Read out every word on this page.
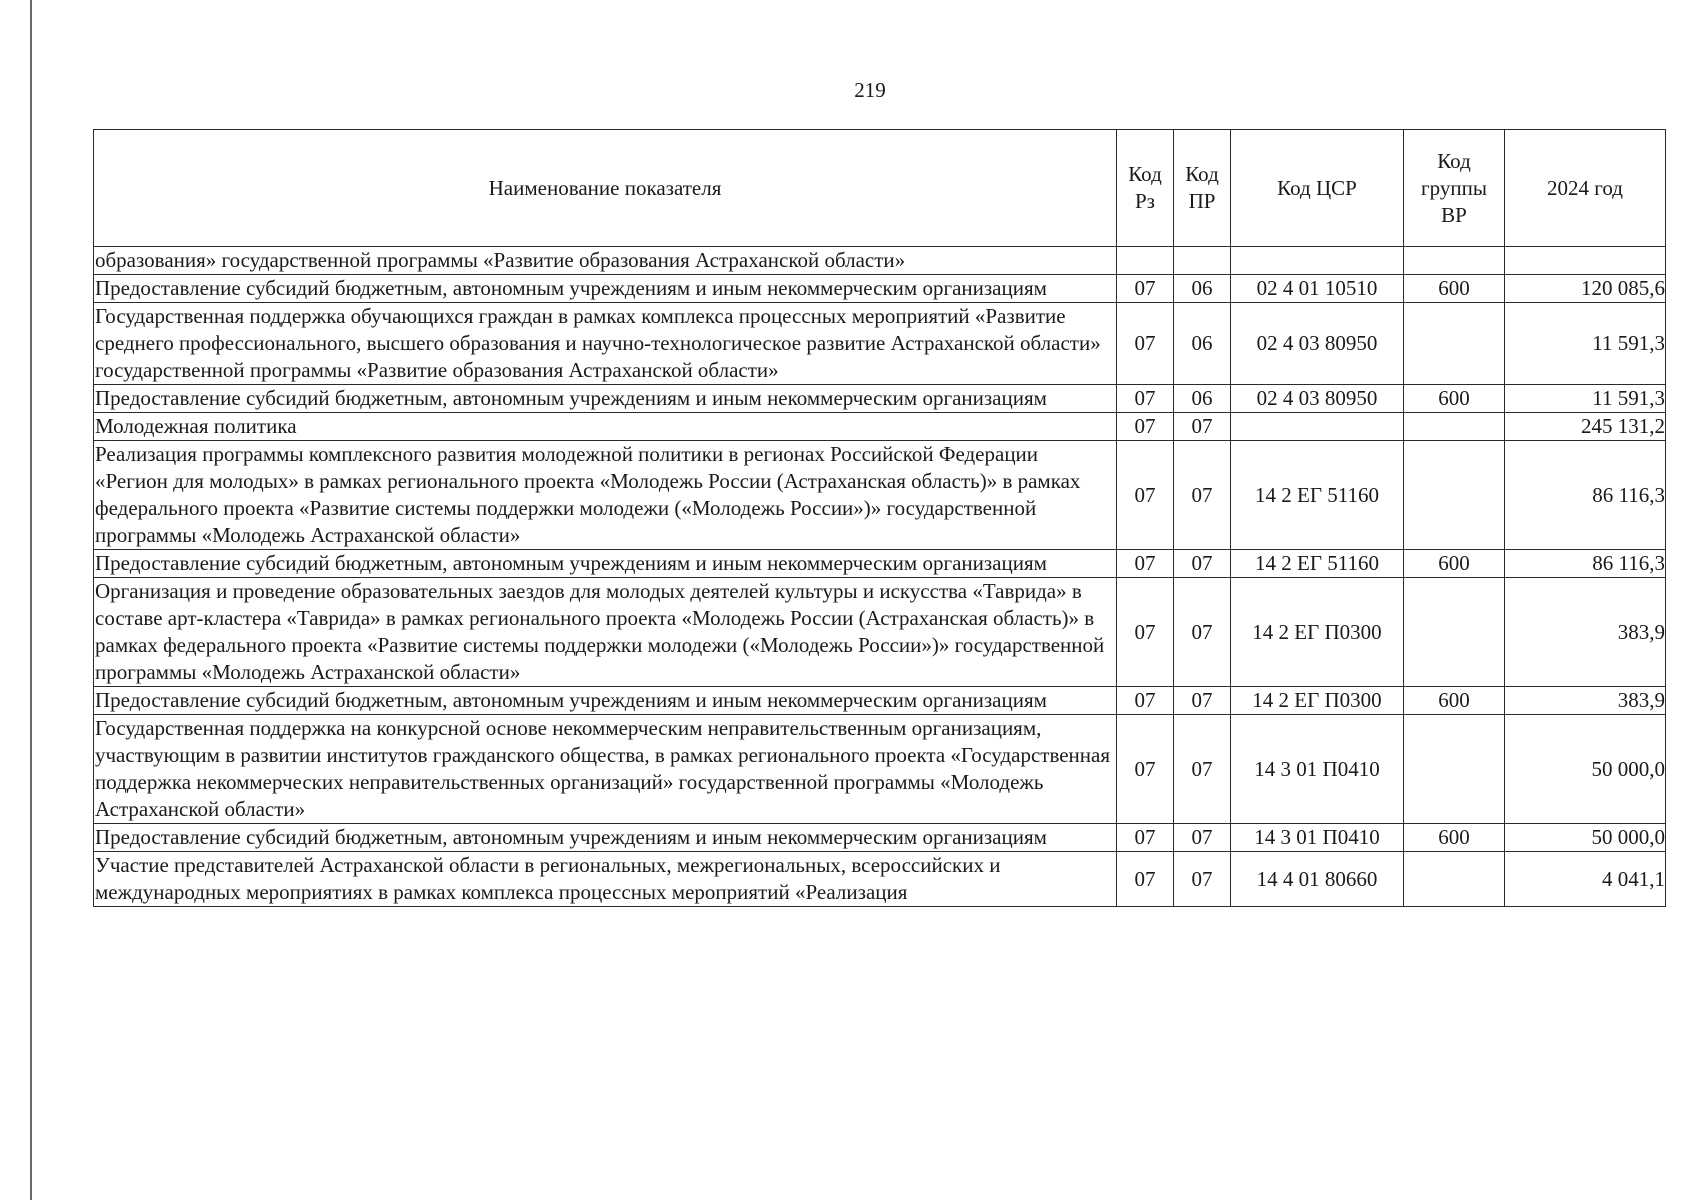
219
Наименование показателя	Код Рз	Код ПР	Код ЦСР	Код группы ВР	2024 год
образования» государственной программы «Развитие образования Астраханской области»					
Предоставление субсидий бюджетным, автономным учреждениям и иным некоммерческим организациям	07	06	02 4 01 10510	600	120 085,6
Государственная поддержка обучающихся граждан в рамках комплекса процессных мероприятий «Развитие среднего профессионального, высшего образования и научно-технологическое развитие Астраханской области» государственной программы «Развитие образования Астраханской области»	07	06	02 4 03 80950		11 591,3
Предоставление субсидий бюджетным, автономным учреждениям и иным некоммерческим организациям	07	06	02 4 03 80950	600	11 591,3
Молодежная политика	07	07			245 131,2
Реализация программы комплексного развития молодежной политики в регионах Российской Федерации «Регион для молодых» в рамках регионального проекта «Молодежь России (Астраханская область)» в рамках федерального проекта «Развитие системы поддержки молодежи («Молодежь России»)» государственной программы «Молодежь Астраханской области»	07	07	14 2 ЕГ 51160		86 116,3
Предоставление субсидий бюджетным, автономным учреждениям и иным некоммерческим организациям	07	07	14 2 ЕГ 51160	600	86 116,3
Организация и проведение образовательных заездов для молодых деятелей культуры и искусства «Таврида» в составе арт-кластера «Таврида» в рамках регионального проекта «Молодежь России (Астраханская область)» в рамках федерального проекта «Развитие системы поддержки молодежи («Молодежь России»)» государственной программы «Молодежь Астраханской области»	07	07	14 2 ЕГ П0300		383,9
Предоставление субсидий бюджетным, автономным учреждениям и иным некоммерческим организациям	07	07	14 2 ЕГ П0300	600	383,9
Государственная поддержка на конкурсной основе некоммерческим неправительственным организациям, участвующим в развитии институтов гражданского общества, в рамках регионального проекта «Государственная поддержка некоммерческих неправительственных организаций» государственной программы «Молодежь Астраханской области»	07	07	14 3 01 П0410		50 000,0
Предоставление субсидий бюджетным, автономным учреждениям и иным некоммерческим организациям	07	07	14 3 01 П0410	600	50 000,0
Участие представителей Астраханской области в региональных, межрегиональных, всероссийских и международных мероприятиях в рамках комплекса процессных мероприятий «Реализация	07	07	14 4 01 80660		4 041,1
